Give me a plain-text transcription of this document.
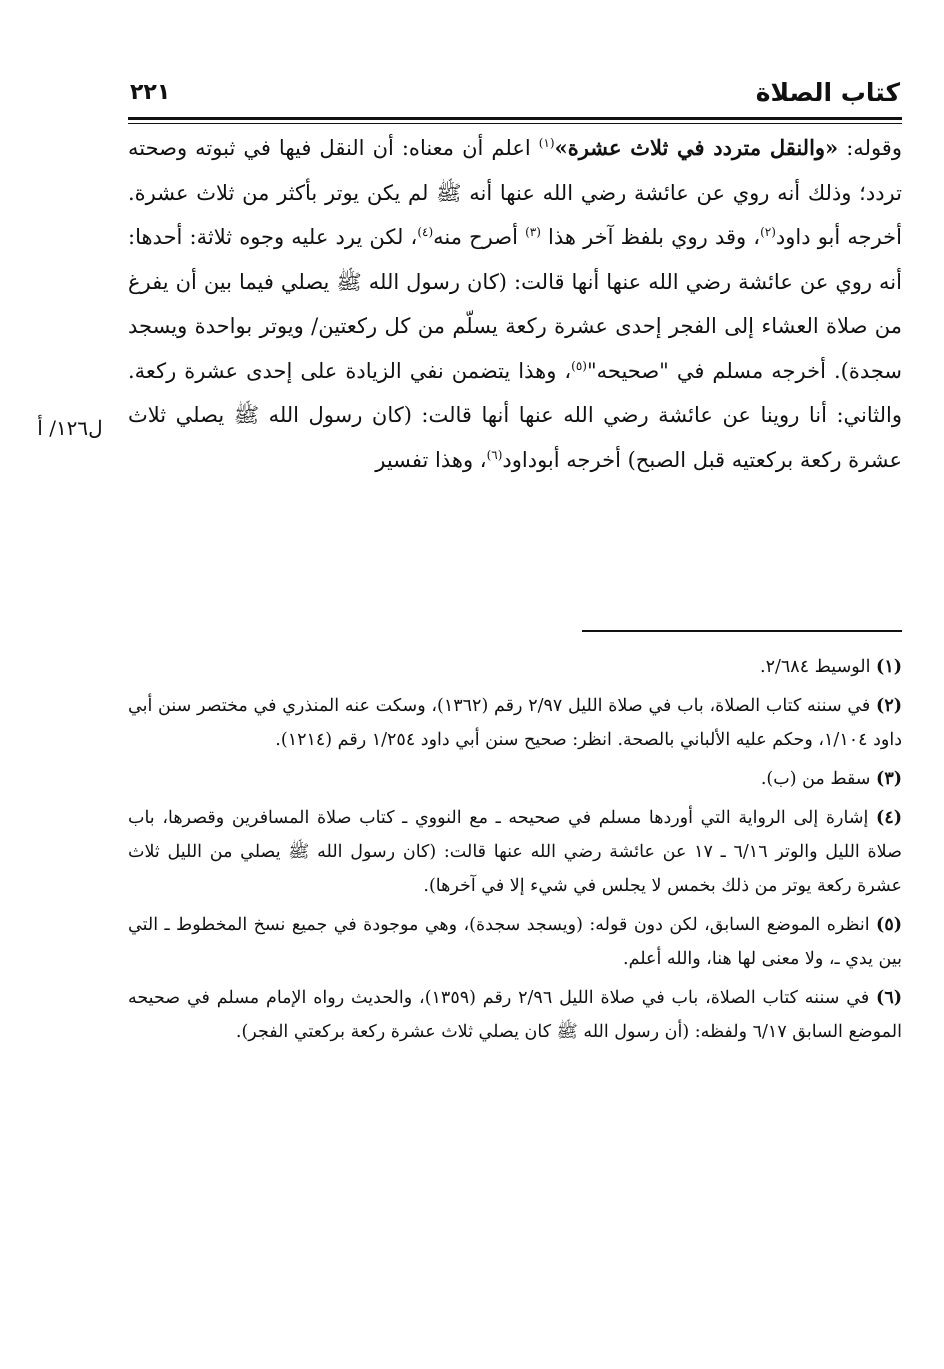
كتاب الصلاة
٢٢١

وقوله: «والنقل متردد في ثلاث عشرة»$^{(١)}$ اعلم أن معناه: أن النقل فيها في ثبوته وصحته تردد؛ وذلك أنه روي عن عائشة رضي الله عنها أنه ﷺ لم يكن يوتر بأكثر من ثلاث عشرة. أخرجه أبو داود$^{(٢)}$، وقد روي بلفظ آخر هذا $^{(٣)}$ أصرح منه$^{(٤)}$، لكن يرد عليه وجوه ثلاثة: أحدها: أنه روي عن عائشة رضي الله عنها أنها قالت: (كان رسول الله ﷺ يصلي فيما بين أن يفرغ من صلاة العشاء إلى الفجر إحدى عشرة ركعة يسلّم من كل ركعتين/ ويوتر بواحدة ويسجد سجدة). أخرجه مسلم في "صحيحه"$^{(٥)}$، وهذا يتضمن نفي الزيادة على إحدى عشرة ركعة. والثاني: أنا روينا عن عائشة رضي الله عنها أنها قالت: (كان رسول الله ﷺ يصلي ثلاث عشرة ركعة بركعتيه قبل الصبح) أخرجه أبوداود$^{(٦)}$، وهذا تفسير

ل١٢٦/ أ

(١) الوسيط ٢/٦٨٤.

(٢) في سننه كتاب الصلاة، باب في صلاة الليل ٢/٩٧ رقم (١٣٦٢)، وسكت عنه المنذري في مختصر سنن أبي داود ١/١٠٤، وحكم عليه الألباني بالصحة. انظر: صحيح سنن أبي داود ١/٢٥٤ رقم (١٢١٤).

(٣) سقط من (ب).

(٤) إشارة إلى الرواية التي أوردها مسلم في صحيحه ـ مع النووي ـ كتاب صلاة المسافرين وقصرها، باب صلاة الليل والوتر ٦/١٦ ـ ١٧ عن عائشة رضي الله عنها قالت: (كان رسول الله ﷺ يصلي من الليل ثلاث عشرة ركعة يوتر من ذلك بخمس لا يجلس في شيء إلا في آخرها).

(٥) انظره الموضع السابق، لكن دون قوله: (ويسجد سجدة)، وهي موجودة في جميع نسخ المخطوط ـ التي بين يدي ـ، ولا معنى لها هنا، والله أعلم.

(٦) في سننه كتاب الصلاة، باب في صلاة الليل ٢/٩٦ رقم (١٣٥٩)، والحديث رواه الإمام مسلم في صحيحه الموضع السابق ٦/١٧ ولفظه: (أن رسول الله ﷺ كان يصلي ثلاث عشرة ركعة بركعتي الفجر).
